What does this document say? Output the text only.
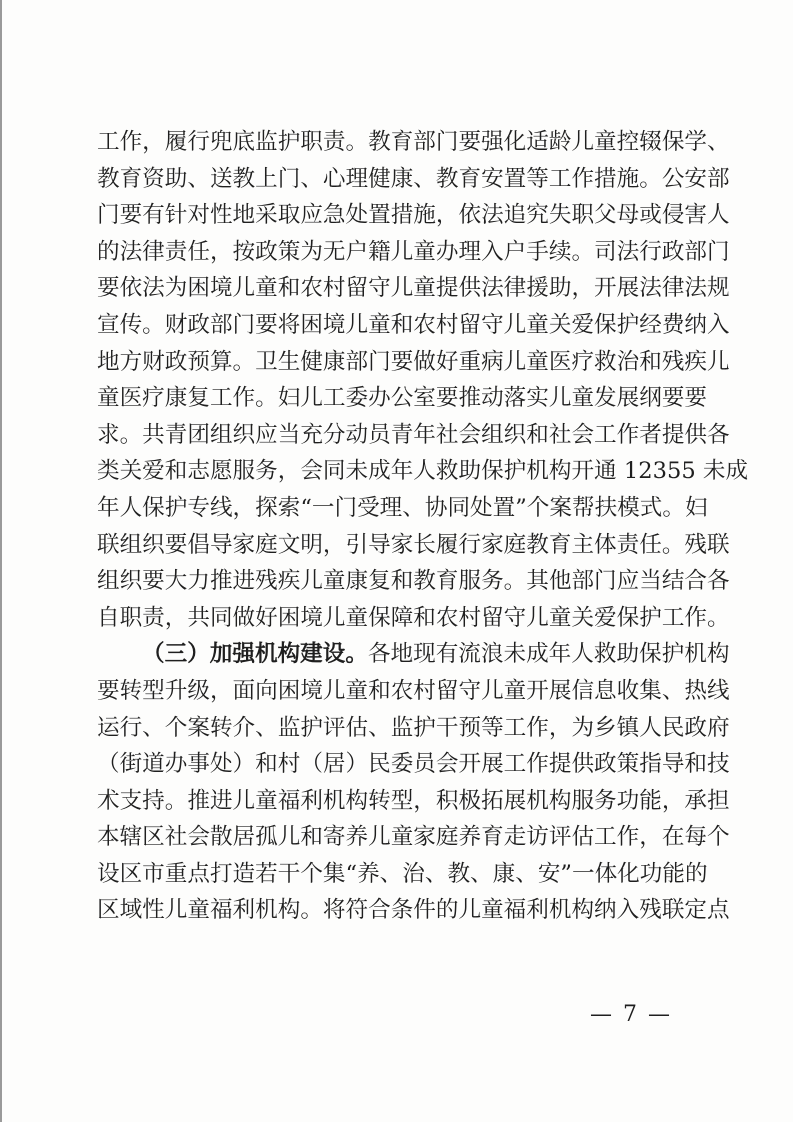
工作，履行兜底监护职责。教育部门要强化适龄儿童控辍保学、
教育资助、送教上门、心理健康、教育安置等工作措施。公安部
门要有针对性地采取应急处置措施，依法追究失职父母或侵害人
的法律责任，按政策为无户籍儿童办理入户手续。司法行政部门
要依法为困境儿童和农村留守儿童提供法律援助，开展法律法规
宣传。财政部门要将困境儿童和农村留守儿童关爱保护经费纳入
地方财政预算。卫生健康部门要做好重病儿童医疗救治和残疾儿
童医疗康复工作。妇儿工委办公室要推动落实儿童发展纲要要
求。共青团组织应当充分动员青年社会组织和社会工作者提供各
类关爱和志愿服务，会同未成年人救助保护机构开通 12355 未成
年人保护专线，探索“一门受理、协同处置”个案帮扶模式。妇
联组织要倡导家庭文明，引导家长履行家庭教育主体责任。残联
组织要大力推进残疾儿童康复和教育服务。其他部门应当结合各
自职责，共同做好困境儿童保障和农村留守儿童关爱保护工作。
（三）加强机构建设。各地现有流浪未成年人救助保护机构
要转型升级，面向困境儿童和农村留守儿童开展信息收集、热线
运行、个案转介、监护评估、监护干预等工作，为乡镇人民政府
（街道办事处）和村（居）民委员会开展工作提供政策指导和技
术支持。推进儿童福利机构转型，积极拓展机构服务功能，承担
本辖区社会散居孤儿和寄养儿童家庭养育走访评估工作，在每个
设区市重点打造若干个集“养、治、教、康、安”一体化功能的
区域性儿童福利机构。将符合条件的儿童福利机构纳入残联定点
— 7 —
